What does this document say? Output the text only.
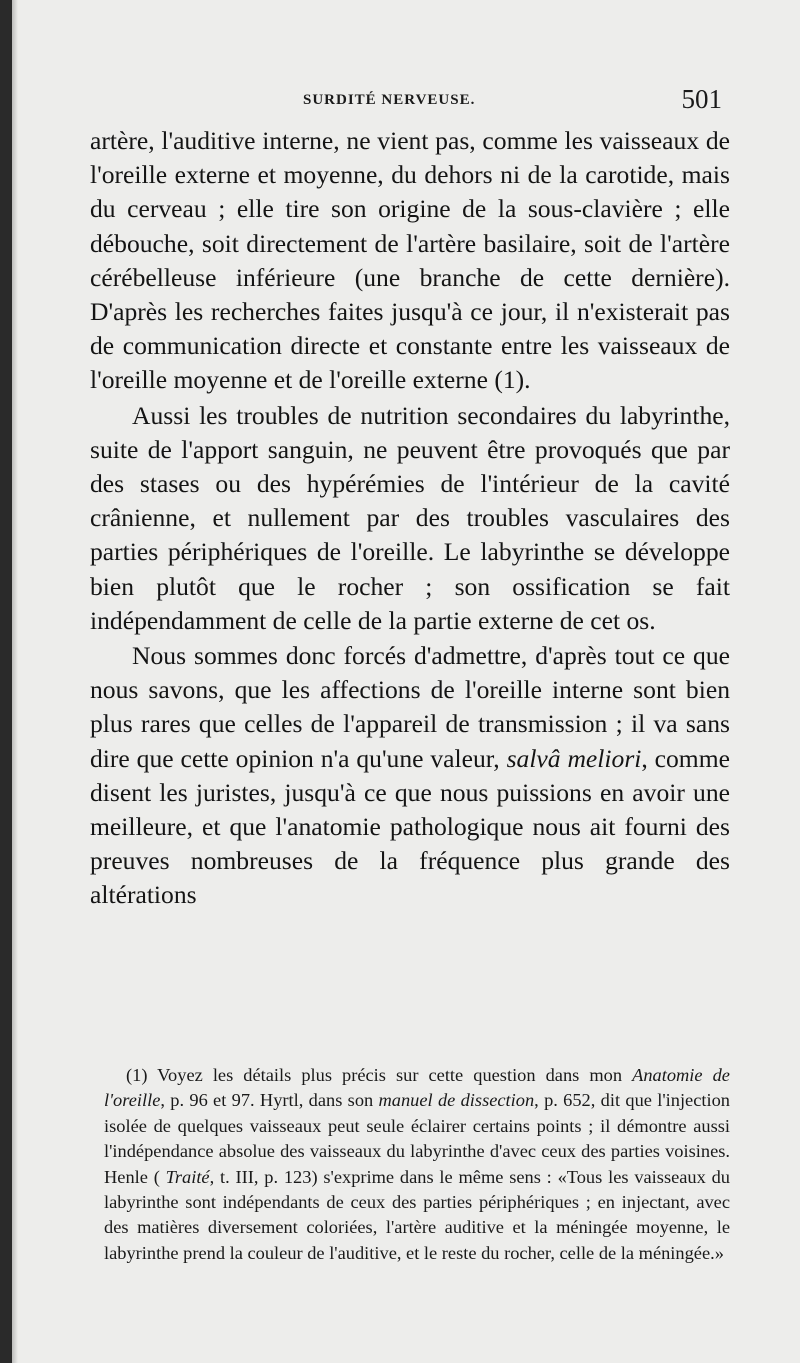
SURDITÉ NERVEUSE.	501

artère, l'auditive interne, ne vient pas, comme les vaisseaux de l'oreille externe et moyenne, du dehors ni de la carotide, mais du cerveau ; elle tire son origine de la sous-clavière ; elle débouche, soit directement de l'artère basilaire, soit de l'artère cérébelleuse inférieure (une branche de cette dernière). D'après les recherches faites jusqu'à ce jour, il n'existerait pas de communication directe et constante entre les vaisseaux de l'oreille moyenne et de l'oreille externe (1).

Aussi les troubles de nutrition secondaires du labyrinthe, suite de l'apport sanguin, ne peuvent être provoqués que par des stases ou des hypérémies de l'intérieur de la cavité crânienne, et nullement par des troubles vasculaires des parties périphériques de l'oreille. Le labyrinthe se développe bien plutôt que le rocher ; son ossification se fait indépendamment de celle de la partie externe de cet os.

Nous sommes donc forcés d'admettre, d'après tout ce que nous savons, que les affections de l'oreille interne sont bien plus rares que celles de l'appareil de transmission ; il va sans dire que cette opinion n'a qu'une valeur, salvâ meliori, comme disent les juristes, jusqu'à ce que nous puissions en avoir une meilleure, et que l'anatomie pathologique nous ait fourni des preuves nombreuses de la fréquence plus grande des altérations

(1) Voyez les détails plus précis sur cette question dans mon Anatomie de l'oreille, p. 96 et 97. Hyrtl, dans son manuel de dissection, p. 652, dit que l'injection isolée de quelques vaisseaux peut seule éclairer certains points ; il démontre aussi l'indépendance absolue des vaisseaux du labyrinthe d'avec ceux des parties voisines. Henle ( Traité, t. III, p. 123) s'exprime dans le même sens : «Tous les vaisseaux du labyrinthe sont indépendants de ceux des parties périphériques ; en injectant, avec des matières diversement coloriées, l'artère auditive et la méningée moyenne, le labyrinthe prend la couleur de l'auditive, et le reste du rocher, celle de la méningée.»
